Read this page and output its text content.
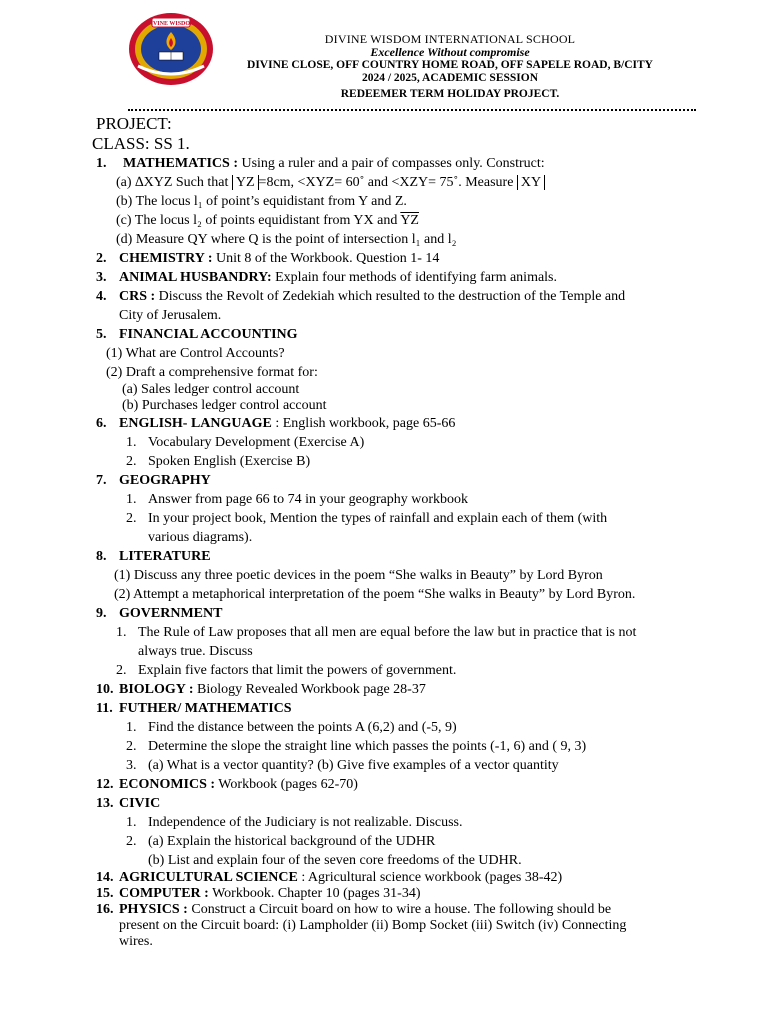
DIVINE WISDOM
DIVINE WISDOM INTERNATIONAL SCHOOL
Excellence Without compromise
DIVINE CLOSE, OFF COUNTRY HOME ROAD, OFF SAPELE ROAD, B/CITY
2024 / 2025, ACADEMIC SESSION
REDEEMER TERM HOLIDAY PROJECT.
PROJECT:
CLASS: SS 1.
1. MATHEMATICS : Using a ruler and a pair of compasses only. Construct:
(a) ∆XYZ Such that YZ =8cm, <XYZ= 60˚ and <XZY= 75˚. Measure XY
(b) The locus l₁ of point’s equidistant from Y and Z.
(c) The locus l₂ of points equidistant from YX and $\overline{YZ}$
(d) Measure QY where Q is the point of intersection l₁ and l₂
2. CHEMISTRY : Unit 8 of the Workbook. Question 1- 14
3. ANIMAL HUSBANDRY: Explain four methods of identifying farm animals.
4. CRS : Discuss the Revolt of Zedekiah which resulted to the destruction of the Temple and
City of Jerusalem.
5. FINANCIAL ACCOUNTING
(1) What are Control Accounts?
(2) Draft a comprehensive format for:
(a) Sales ledger control account
(b) Purchases ledger control account
6. ENGLISH- LANGUAGE : English workbook, page 65-66
1. Vocabulary Development (Exercise A)
2. Spoken English (Exercise B)
7. GEOGRAPHY
1. Answer from page 66 to 74 in your geography workbook
2. In your project book, Mention the types of rainfall and explain each of them (with
various diagrams).
8. LITERATURE
(1) Discuss any three poetic devices in the poem “She walks in Beauty” by Lord Byron
(2) Attempt a metaphorical interpretation of the poem “She walks in Beauty” by Lord Byron.
9. GOVERNMENT
1. The Rule of Law proposes that all men are equal before the law but in practice that is not
always true. Discuss
2. Explain five factors that limit the powers of government.
10. BIOLOGY : Biology Revealed Workbook page 28-37
11. FUTHER/ MATHEMATICS
1. Find the distance between the points A (6,2) and (-5, 9)
2. Determine the slope the straight line which passes the points (-1, 6) and ( 9, 3)
3. (a) What is a vector quantity? (b) Give five examples of a vector quantity
12. ECONOMICS : Workbook (pages 62-70)
13. CIVIC
1. Independence of the Judiciary is not realizable. Discuss.
2. (a) Explain the historical background of the UDHR
(b) List and explain four of the seven core freedoms of the UDHR.
14. AGRICULTURAL SCIENCE : Agricultural science workbook (pages 38-42)
15. COMPUTER : Workbook. Chapter 10 (pages 31-34)
16. PHYSICS : Construct a Circuit board on how to wire a house. The following should be
present on the Circuit board: (i) Lampholder (ii) Bomp Socket (iii) Switch (iv) Connecting
wires.
